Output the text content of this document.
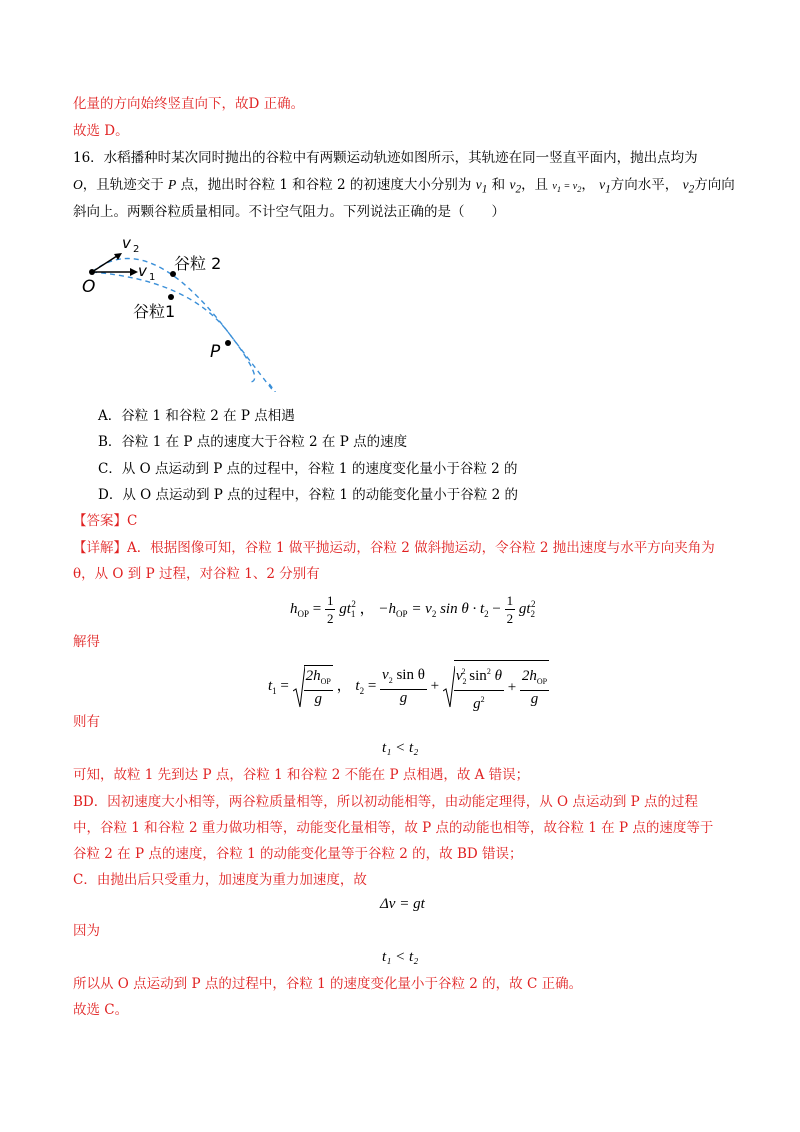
化量的方向始终竖直向下，故D 正确。
故选 D。
16．水稻播种时某次同时抛出的谷粒中有两颗运动轨迹如图所示，其轨迹在同一竖直平面内，抛出点均为
O，且轨迹交于 P 点，抛出时谷粒 1 和谷粒 2 的初速度大小分别为 $v_1$ 和 $v_2$，且 $v_1 = v_2$， $v_1$方向水平， $v_2$方向向
斜向上。两颗谷粒质量相同。不计空气阻力。下列说法正确的是（　　）
v 2
v 1
谷粒 2
谷粒1
O
P
A．谷粒 1 和谷粒 2 在 P 点相遇
B．谷粒 1 在 P 点的速度大于谷粒 2 在 P 点的速度
C．从 O 点运动到 P 点的过程中，谷粒 1 的速度变化量小于谷粒 2 的
D．从 O 点运动到 P 点的过程中，谷粒 1 的动能变化量小于谷粒 2 的
【答案】C
【详解】A．根据图像可知，谷粒 1 做平抛运动，谷粒 2 做斜抛运动，令谷粒 2 抛出速度与水平方向夹角为
θ，从 O 到 P 过程，对谷粒 1、2 分别有
$h_{OP} = \frac{1}{2} gt_1^2$ ， $-h_{OP} = v_2$ $\sin \theta \cdot t_2 - \frac{1}{2} gt_2^2$
解得
$t_1 = \frac{2h_{OP}}{g}$ ， $t_2 = \frac{v_2 \sin \theta}{g} + \frac{v_2^2 \sin^2 \theta}{g^2} + \frac{2h_{OP}}{g}$
则有
t₁ < t₂
可知，故粒 1 先到达 P 点，谷粒 1 和谷粒 2 不能在 P 点相遇，故 A 错误；
BD．因初速度大小相等，两谷粒质量相等，所以初动能相等，由动能定理得，从 O 点运动到 P 点的过程
中，谷粒 1 和谷粒 2 重力做功相等，动能变化量相等，故 P 点的动能也相等，故谷粒 1 在 P 点的速度等于
谷粒 2 在 P 点的速度，谷粒 1 的动能变化量等于谷粒 2 的，故 BD 错误；
C．由抛出后只受重力，加速度为重力加速度，故
Δv = gt
因为
t₁ < t₂
所以从 O 点运动到 P 点的过程中，谷粒 1 的速度变化量小于谷粒 2 的，故 C 正确。
故选 C。
